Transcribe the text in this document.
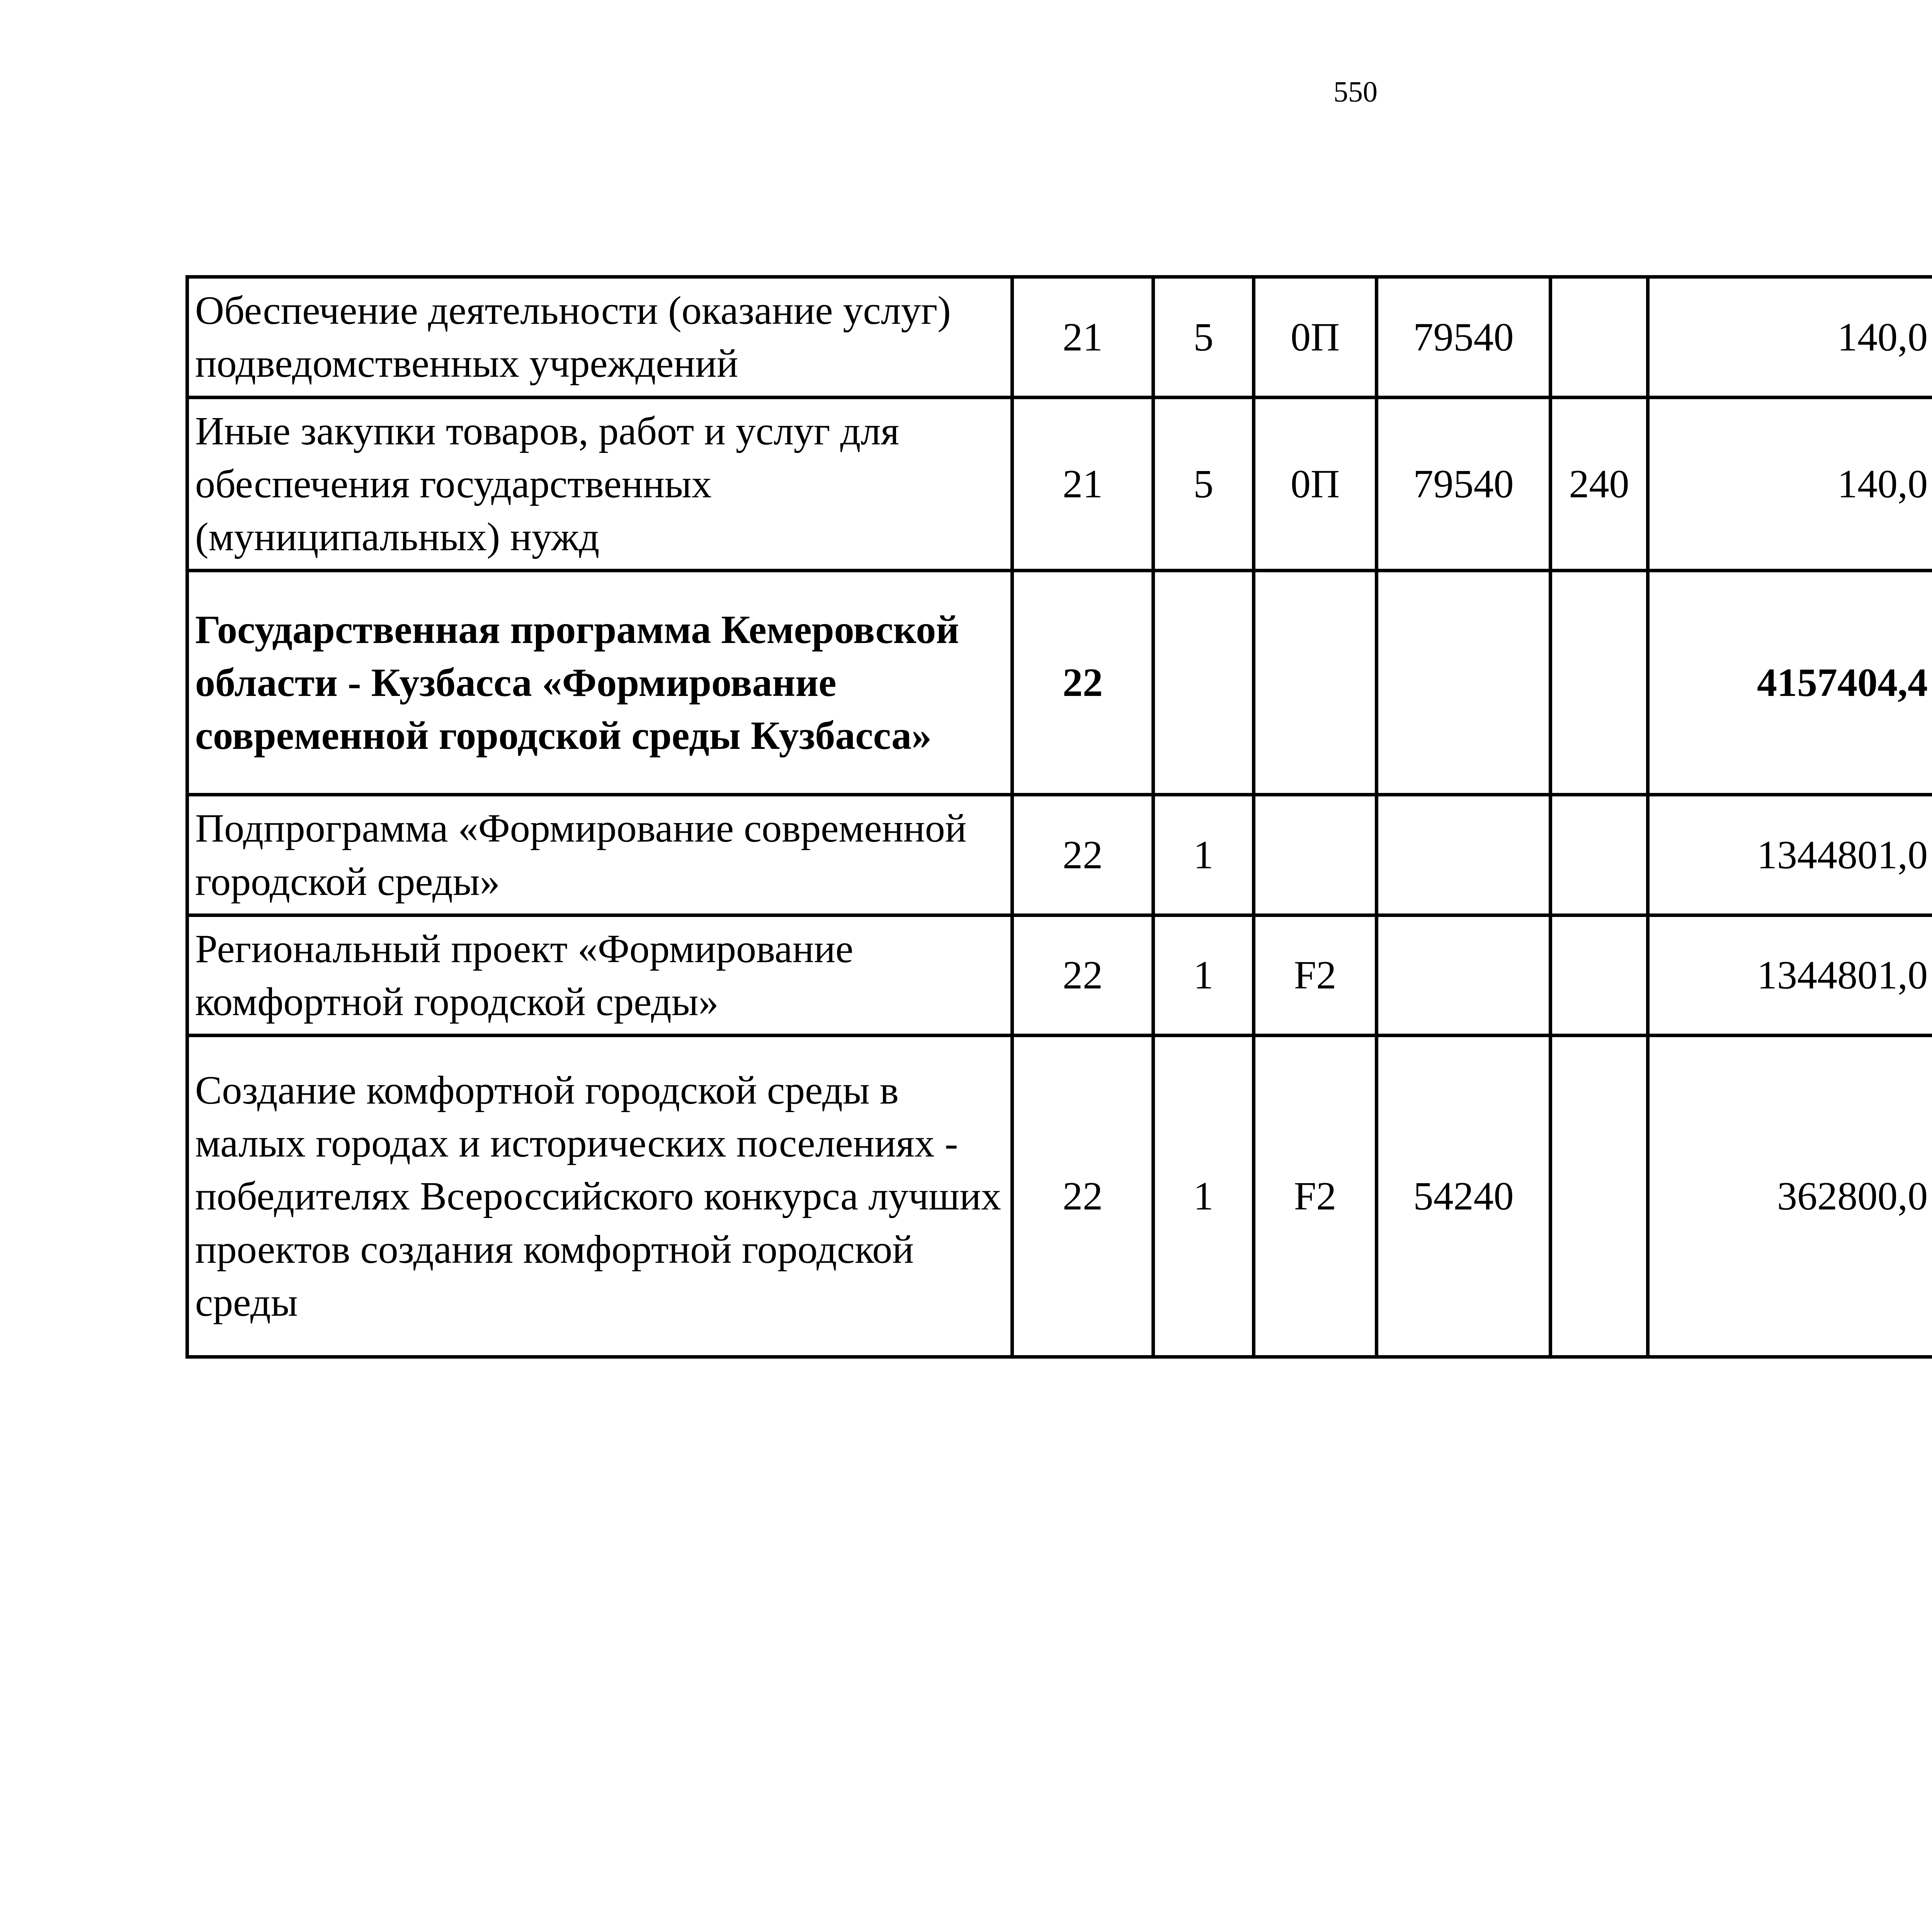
550
Обеспечение деятельности (оказание услуг) подведомственных учреждений	21	5	0П	79540		140,0		
Иные закупки товаров, работ и услуг для обеспечения государственных (муниципальных) нужд	21	5	0П	79540	240	140,0		
Государственная программа Кемеровской области - Кузбасса «Формирование современной городской среды Кузбасса»	22					4157404,4		
Подпрограмма «Формирование современной городской среды»	22	1				1344801,0		
Региональный проект «Формирование комфортной городской среды»	22	1	F2			1344801,0		
Создание комфортной городской среды в малых городах и исторических поселениях - победителях Всероссийского конкурса лучших проектов создания комфортной городской среды	22	1	F2	54240		362800,0		
